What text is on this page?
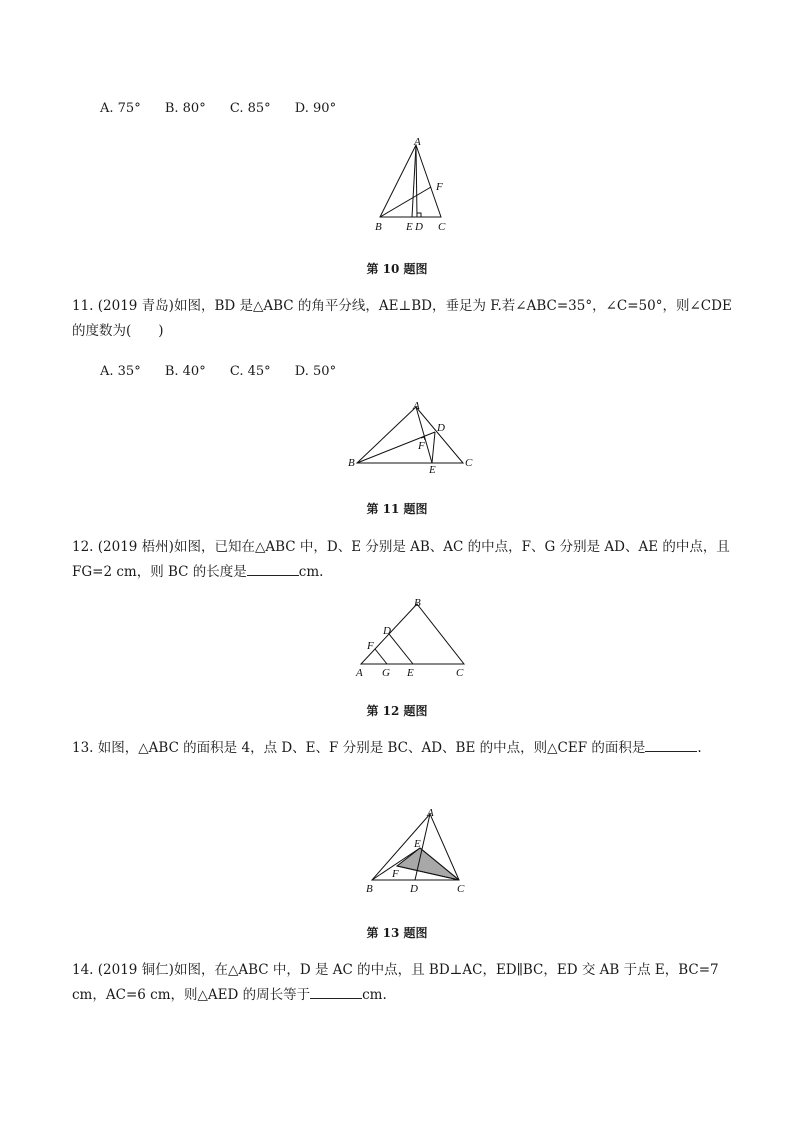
A. 75° B. 80° C. 85° D. 90°
A
F
B E D C
第 10 题图
11. (2019 青岛)如图，BD 是△ABC 的角平分线，AE⊥BD，垂足为 F.若∠ABC=35°，∠C=50°，则∠CDE 的度数为(　　)
A. 35° B. 40° C. 45° D. 50°
A
D
F
B
E
C
第 11 题图
12. (2019 梧州)如图，已知在△ABC 中，D、E 分别是 AB、AC 的中点，F、G 分别是 AD、AE 的中点，且 FG=2 cm，则 BC 的长度是	cm.
B
D
F
A G E	C
第 12 题图
13. 如图，△ABC 的面积是 4，点 D、E、F 分别是 BC、AD、BE 的中点，则△CEF 的面积是	.
A
E
F
B	D	C
第 13 题图
14. (2019 铜仁)如图，在△ABC 中，D 是 AC 的中点，且 BD⊥AC，ED∥BC，ED 交 AB 于点 E，BC=7 cm，AC=6 cm，则△AED 的周长等于	cm.
